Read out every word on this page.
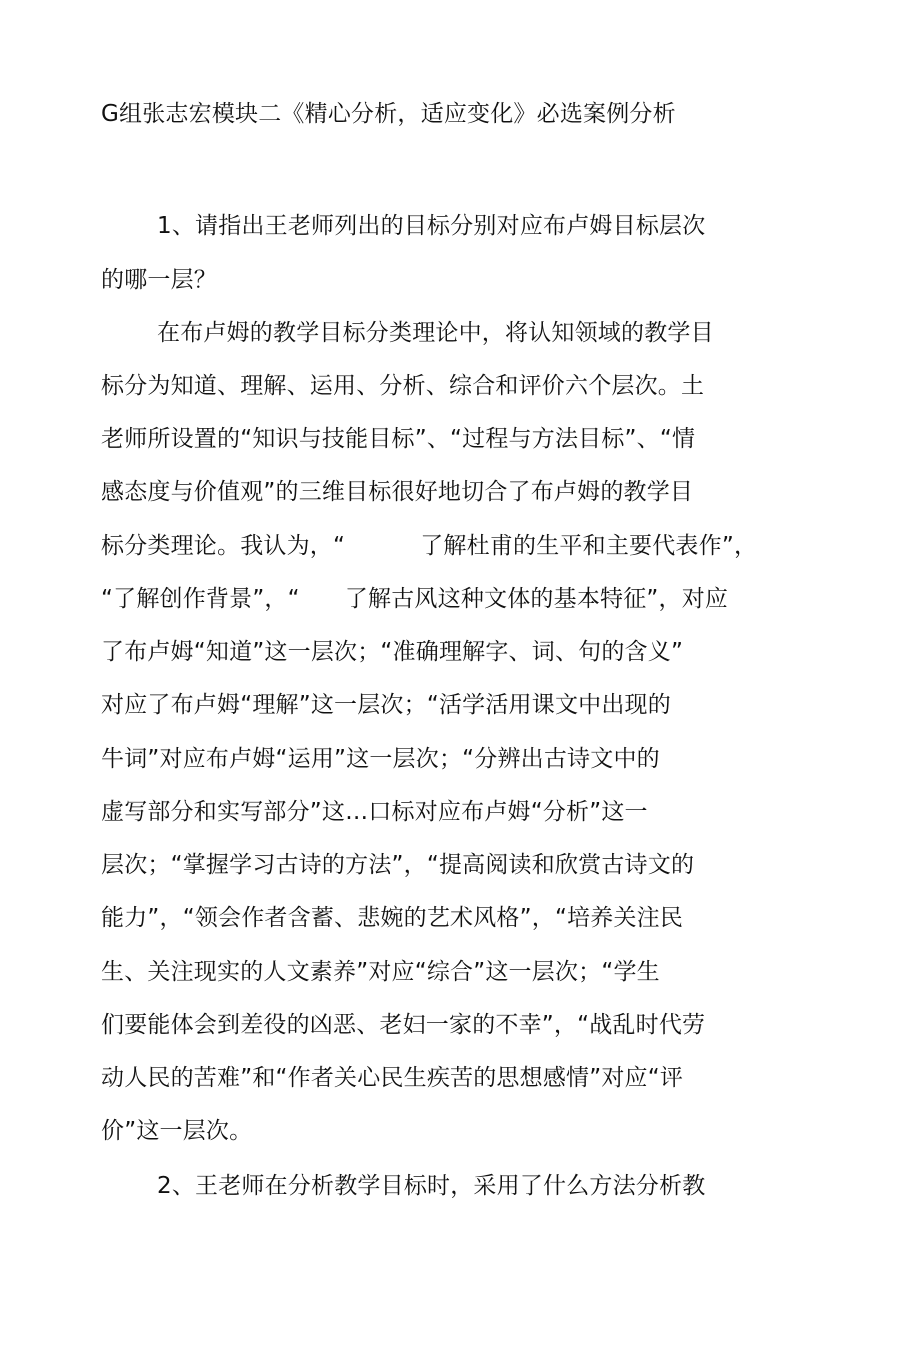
G组张志宏模块二《精心分析，适应变化》必选案例分析
1、请指出王老师列出的目标分别对应布卢姆目标层次
的哪一层？
在布卢姆的教学目标分类理论中，将认知领域的教学目
标分为知道、理解、运用、分析、综合和评价六个层次。土
老师所设置的“知识与技能目标”、“过程与方法目标”、“情
感态度与价值观”的三维目标很好地切合了布卢姆的教学目
标分类理论。我认为，“          了解杜甫的生平和主要代表作”，
“了解创作背景”，“      了解古风这种文体的基本特征”，对应
了布卢姆“知道”这一层次；“准确理解字、词、句的含义”
对应了布卢姆“理解”这一层次；“活学活用课文中出现的
牛词”对应布卢姆“运用”这一层次；“分辨出古诗文中的
虚写部分和实写部分”这…口标对应布卢姆“分析”这一
层次；“掌握学习古诗的方法”，“提高阅读和欣赏古诗文的
能力”，“领会作者含蓄、悲婉的艺术风格”，“培养关注民
生、关注现实的人文素养”对应“综合”这一层次；“学生
们要能体会到差役的凶恶、老妇一家的不幸”，“战乱时代劳
动人民的苦难”和“作者关心民生疾苦的思想感情”对应“评
价”这一层次。
2、王老师在分析教学目标时，采用了什么方法分析教
